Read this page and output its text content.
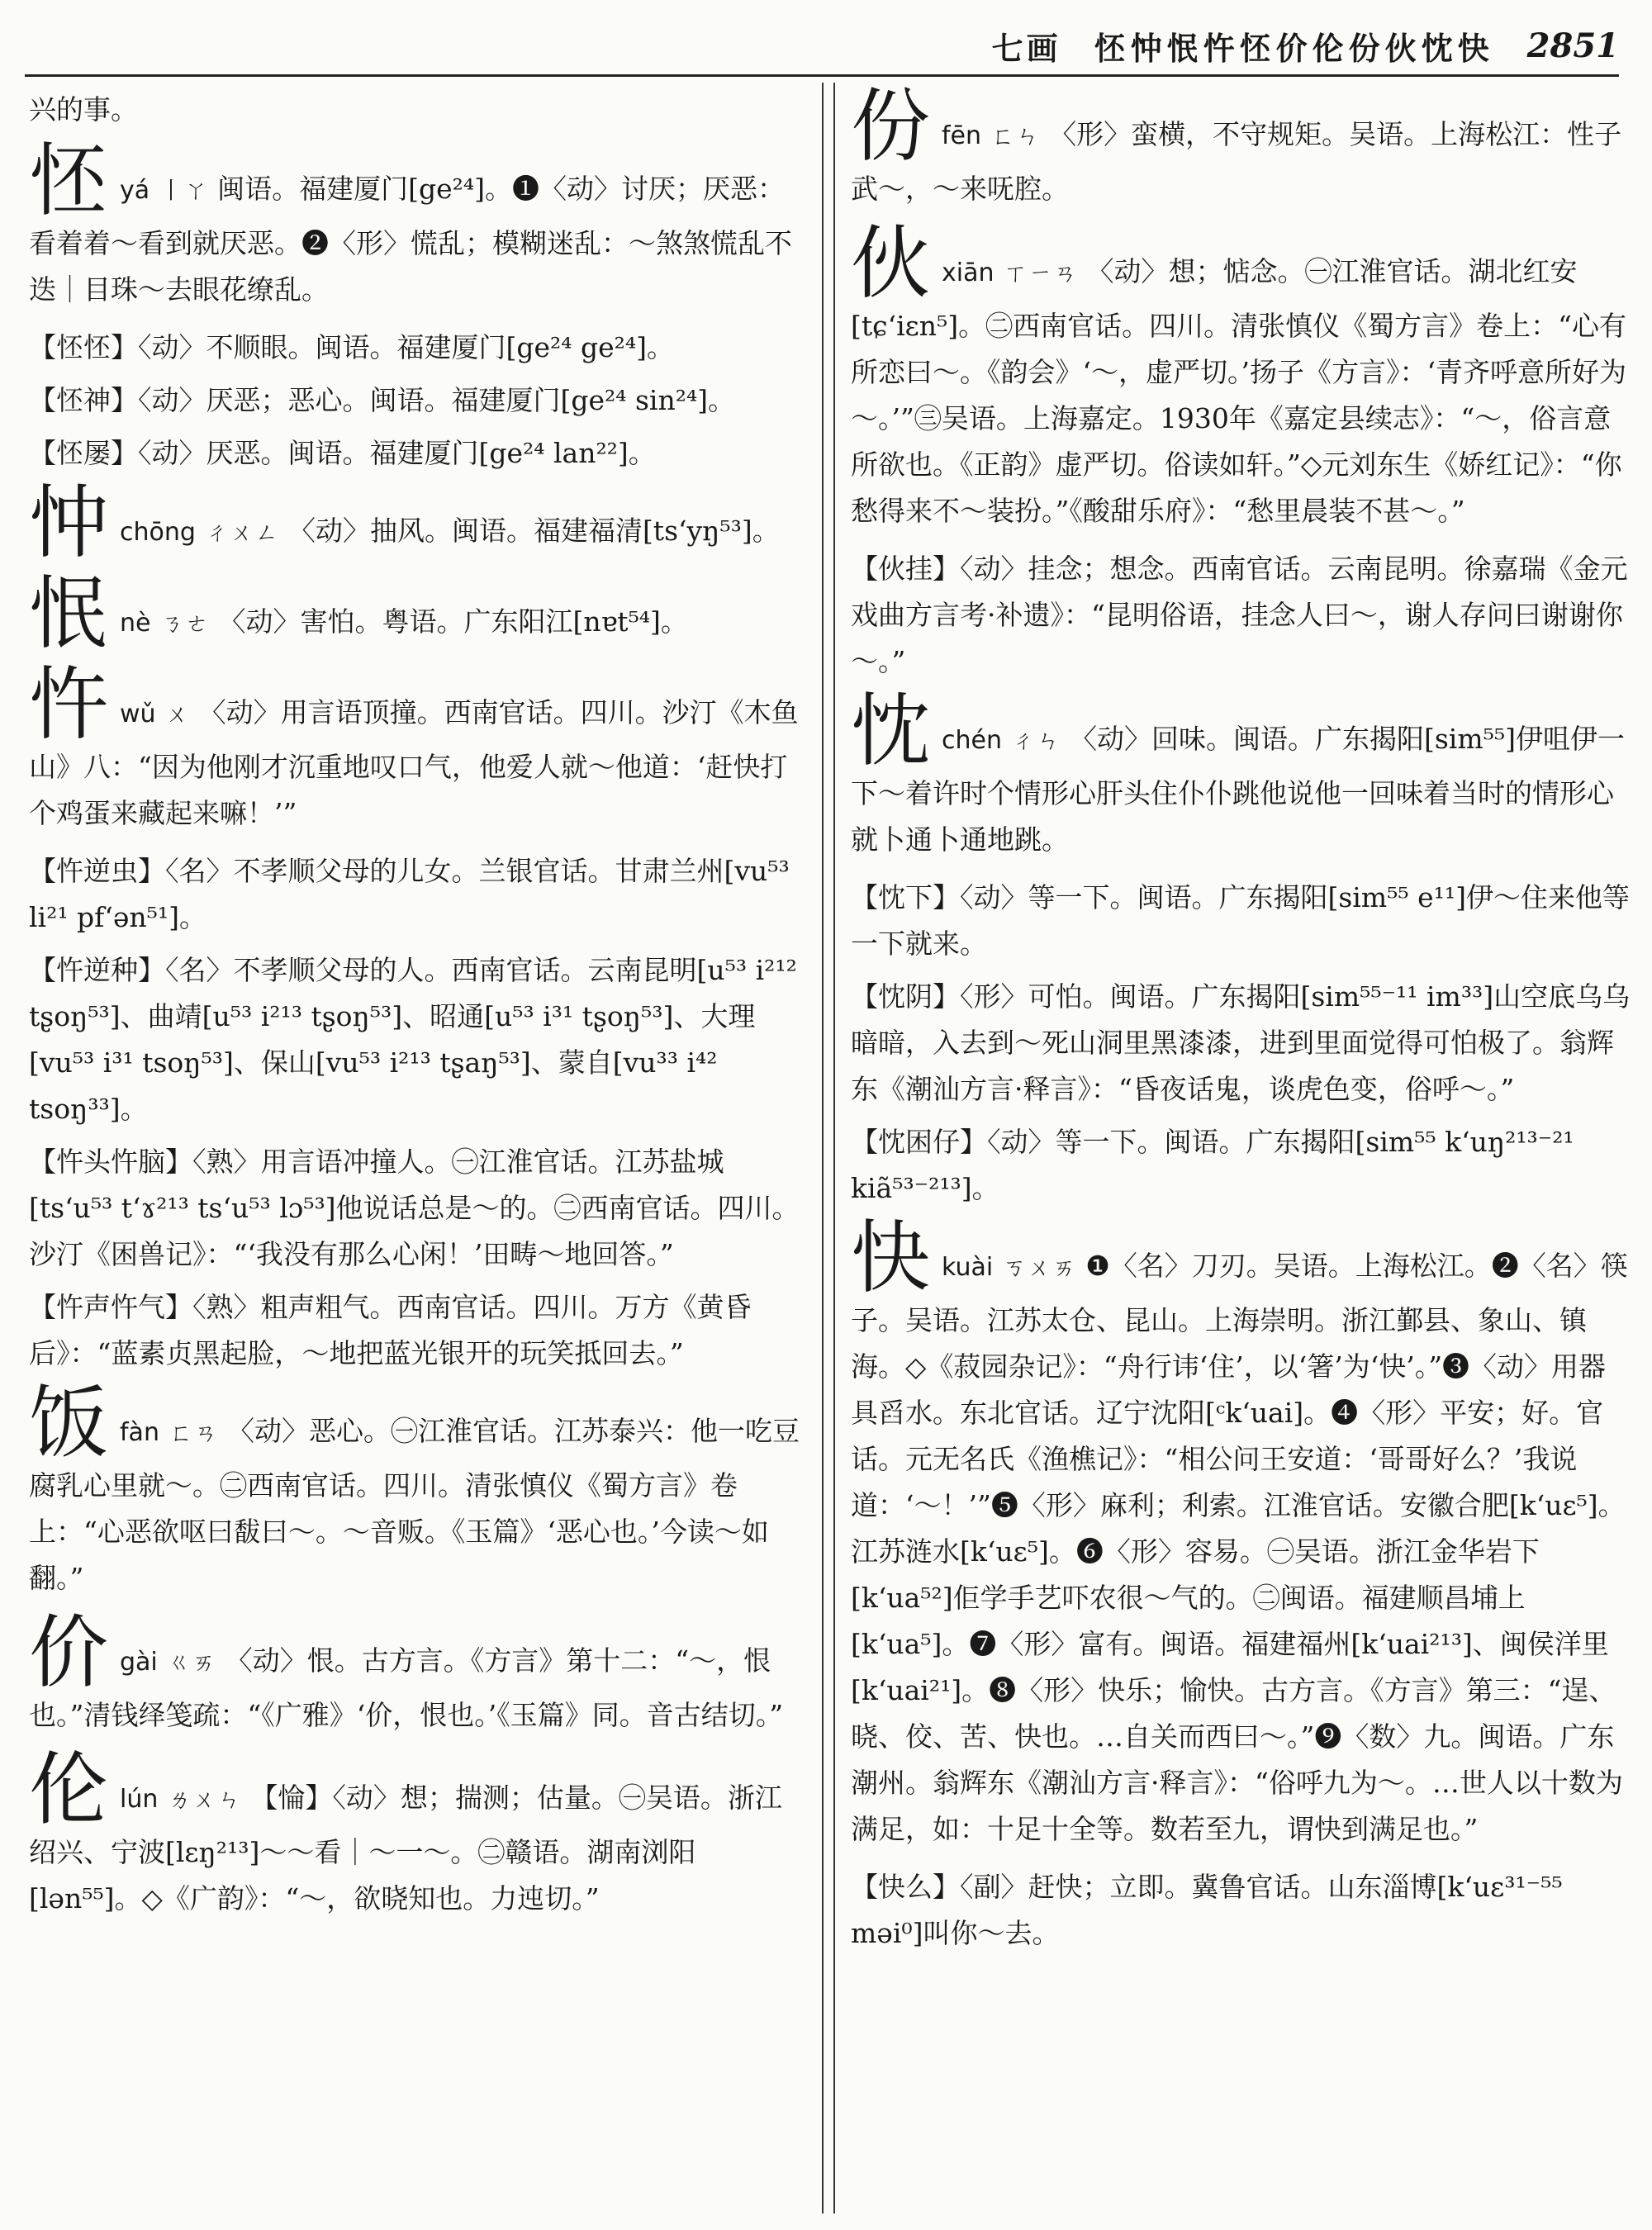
七画 怌忡怋忤怌价伦份伙忱快 2851
兴的事。
怌yá 丨ㄚ 闽语。福建厦门[ge²⁴]。❶〈动〉讨厌；厌恶：看着着～看到就厌恶。❷〈形〉慌乱；模糊迷乱：～煞煞慌乱不迭｜目珠～去眼花缭乱。
【怌怌】〈动〉不顺眼。闽语。福建厦门[ge²⁴ ge²⁴]。
【怌神】〈动〉厌恶；恶心。闽语。福建厦门[ge²⁴ sin²⁴]。
【怌屡】〈动〉厌恶。闽语。福建厦门[ge²⁴ lan²²]。
忡chōng ㄔㄨㄥ 〈动〉抽风。闽语。福建福清[tsʻyŋ⁵³]。
怋nè ㄋㄜ 〈动〉害怕。粤语。广东阳江[nɐt⁵⁴]。
忤wǔ ㄨ 〈动〉用言语顶撞。西南官话。四川。沙汀《木鱼山》八：“因为他刚才沉重地叹口气，他爱人就～他道：‘赶快打个鸡蛋来藏起来嘛！’”
【忤逆虫】〈名〉不孝顺父母的儿女。兰银官话。甘肃兰州[vu⁵³ li²¹ pfʻən⁵¹]。
【忤逆种】〈名〉不孝顺父母的人。西南官话。云南昆明[u⁵³ i²¹² tʂoŋ⁵³]、曲靖[u⁵³ i²¹³ tʂoŋ⁵³]、昭通[u⁵³ i³¹ tʂoŋ⁵³]、大理[vu⁵³ i³¹ tsoŋ⁵³]、保山[vu⁵³ i²¹³ tʂaŋ⁵³]、蒙自[vu³³ i⁴² tsoŋ³³]。
【忤头忤脑】〈熟〉用言语冲撞人。㊀江淮官话。江苏盐城[tsʻu⁵³ tʻɤ²¹³ tsʻu⁵³ lɔ⁵³]他说话总是～的。㊁西南官话。四川。沙汀《困兽记》：“‘我没有那么心闲！’田畴～地回答。”
【忤声忤气】〈熟〉粗声粗气。西南官话。四川。万方《黄昏后》：“蓝素贞黑起脸，～地把蓝光银开的玩笑抵回去。”
饭fàn ㄈㄢ 〈动〉恶心。㊀江淮官话。江苏泰兴：他一吃豆腐乳心里就～。㊁西南官话。四川。清张慎仪《蜀方言》卷上：“心恶欲呕曰馛曰～。～音贩。《玉篇》‘恶心也。’今读～如翻。”
价gài ㄍㄞ 〈动〉恨。古方言。《方言》第十二：“～，恨也。”清钱绎笺疏：“《广雅》‘价，恨也。’《玉篇》同。音古结切。”
伦lún ㄌㄨㄣ 【惀】〈动〉想；揣测；估量。㊀吴语。浙江绍兴、宁波[lɛŋ²¹³]～～看｜～一～。㊁赣语。湖南浏阳[lən⁵⁵]。◇《广韵》：“～，欲晓知也。力迍切。”
份fēn ㄈㄣ 〈形〉蛮横，不守规矩。吴语。上海松江：性子武～，～来呒腔。
伙xiān ㄒㄧㄢ 〈动〉想；惦念。㊀江淮官话。湖北红安[tɕʻiɛn⁵]。㊁西南官话。四川。清张慎仪《蜀方言》卷上：“心有所恋曰～。《韵会》‘～，虚严切。’扬子《方言》：‘青齐呼意所好为～。’”㊂吴语。上海嘉定。1930年《嘉定县续志》：“～，俗言意所欲也。《正韵》虚严切。俗读如轩。”◇元刘东生《娇红记》：“你愁得来不～装扮。”《酸甜乐府》：“愁里晨装不甚～。”
【伙挂】〈动〉挂念；想念。西南官话。云南昆明。徐嘉瑞《金元戏曲方言考·补遗》：“昆明俗语，挂念人曰～，谢人存问曰谢谢你～。”
忱chén ㄔㄣ 〈动〉回味。闽语。广东揭阳[sim⁵⁵]伊咀伊一下～着许时个情形心肝头住仆仆跳他说他一回味着当时的情形心就卜通卜通地跳。
【忱下】〈动〉等一下。闽语。广东揭阳[sim⁵⁵ e¹¹]伊～住来他等一下就来。
【忱阴】〈形〉可怕。闽语。广东揭阳[sim⁵⁵⁻¹¹ im³³]山空底乌乌暗暗，入去到～死山洞里黑漆漆，进到里面觉得可怕极了。翁辉东《潮汕方言·释言》：“昏夜话鬼，谈虎色变，俗呼～。”
【忱困仔】〈动〉等一下。闽语。广东揭阳[sim⁵⁵ kʻuŋ²¹³⁻²¹ kiã⁵³⁻²¹³]。
快kuài ㄎㄨㄞ ❶〈名〉刀刃。吴语。上海松江。❷〈名〉筷子。吴语。江苏太仓、昆山。上海崇明。浙江鄞县、象山、镇海。◇《菽园杂记》：“舟行讳‘住’，以‘箸’为‘快’。”❸〈动〉用器具舀水。东北官话。辽宁沈阳[ᶜkʻuai]。❹〈形〉平安；好。官话。元无名氏《渔樵记》：“相公问王安道：‘哥哥好么？’我说道：‘～！’”❺〈形〉麻利；利索。江淮官话。安徽合肥[kʻuɛ⁵]。江苏涟水[kʻuɛ⁵]。❻〈形〉容易。㊀吴语。浙江金华岩下[kʻua⁵²]佢学手艺吓农很～气的。㊁闽语。福建顺昌埔上[kʻua⁵]。❼〈形〉富有。闽语。福建福州[kʻuai²¹³]、闽侯洋里[kʻuai²¹]。❽〈形〉快乐；愉快。古方言。《方言》第三：“逞、晓、佼、苦、快也。…自关而西曰～。”❾〈数〉九。闽语。广东潮州。翁辉东《潮汕方言·释言》：“俗呼九为～。…世人以十数为满足，如：十足十全等。数若至九，谓快到满足也。”
【快么】〈副〉赶快；立即。冀鲁官话。山东淄博[kʻuɛ³¹⁻⁵⁵ məi⁰]叫你～去。
